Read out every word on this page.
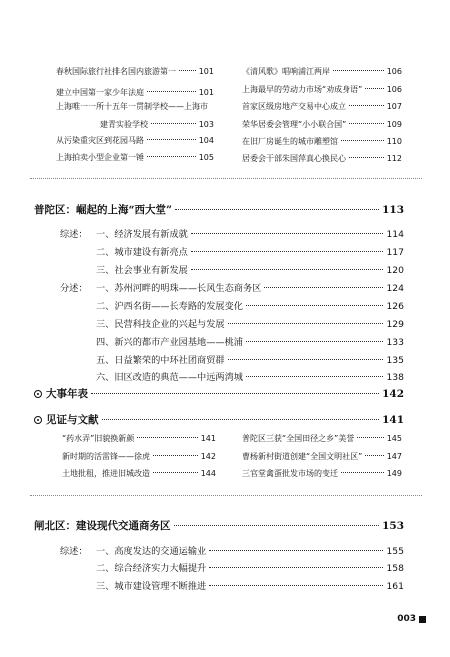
春秋国际旅行社排名国内旅游第一	101
建立中国第一家少年法庭	101
上海唯一一所十五年一贯制学校——上海市
建青实验学校	103
从污染重灾区到花园马路	104
上海拍卖小型企业第一锤	105
《清风歌》唱响浦江两岸	106
上海最早的劳动力市场“劝成身语”	106
首家区级房地产交易中心成立	107
荣华居委会管理“小小联合国”	109
在旧厂房诞生的城市雕塑馆	110
居委会干部朱国萍真心换民心	112
普陀区：崛起的上海“西大堂”	113
综述： 一、经济发展有新成就	114
二、城市建设有新亮点	117
三、社会事业有新发展	120
分述： 一、苏州河畔的明珠——长风生态商务区	124
二、沪西名街——长寿路的发展变化	126
三、民营科技企业的兴起与发展	129
四、新兴的都市产业园基地——桃浦	133
五、日益繁荣的中环社团商贸群	135
六、旧区改造的典范——中远两湾城	138
大事年表	142
见证与文献	141
“药水弄”旧貌换新颜	141
新时期的活雷锋——徐虎	142
土地批租，推进旧城改造	144
普陀区三获“全国田径之乡”美誉	145
曹杨新村街道创建“全国文明社区”	147
三官堂禽蛋批发市场的变迁	149
闸北区：建设现代交通商务区	153
综述： 一、高度发达的交通运输业	155
二、综合经济实力大幅提升	158
三、城市建设管理不断推进	161
003
